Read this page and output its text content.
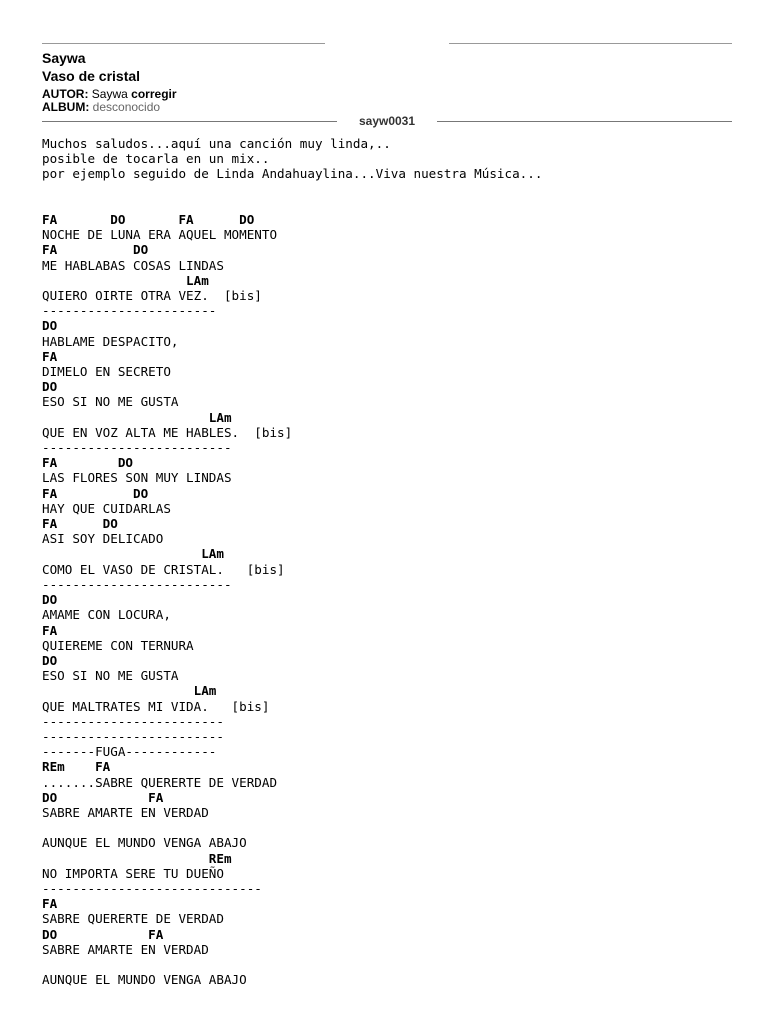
Saywa
Vaso de cristal
AUTOR: Saywa corregir
ALBUM: desconocido
sayw0031
Muchos saludos...aquí una canción muy linda,..
posible de tocarla en un mix..
por ejemplo seguido de Linda Andahuaylina...Viva nuestra Música...

FA       DO       FA      DO
NOCHE DE LUNA ERA AQUEL MOMENTO
FA          DO
ME HABLABAS COSAS LINDAS
LAm
QUIERO OIRTE OTRA VEZ.  [bis]
-----------------------
DO
HABLAME DESPACITO,
FA
DIMELO EN SECRETO
DO
ESO SI NO ME GUSTA
LAm
QUE EN VOZ ALTA ME HABLES.  [bis]
-------------------------
FA        DO
LAS FLORES SON MUY LINDAS
FA          DO
HAY QUE CUIDARLAS
FA      DO
ASI SOY DELICADO
LAm
COMO EL VASO DE CRISTAL.   [bis]
-------------------------
DO
AMAME CON LOCURA,
FA
QUIEREME CON TERNURA
DO
ESO SI NO ME GUSTA
LAm
QUE MALTRATES MI VIDA.   [bis]
------------------------
------------------------
-------FUGA------------
REm    FA
.......SABRE QUERERTE DE VERDAD
DO            FA
SABRE AMARTE EN VERDAD

AUNQUE EL MUNDO VENGA ABAJO
REm
NO IMPORTA SERE TU DUEÑO
-----------------------------
FA
SABRE QUERERTE DE VERDAD
DO            FA
SABRE AMARTE EN VERDAD

AUNQUE EL MUNDO VENGA ABAJO
